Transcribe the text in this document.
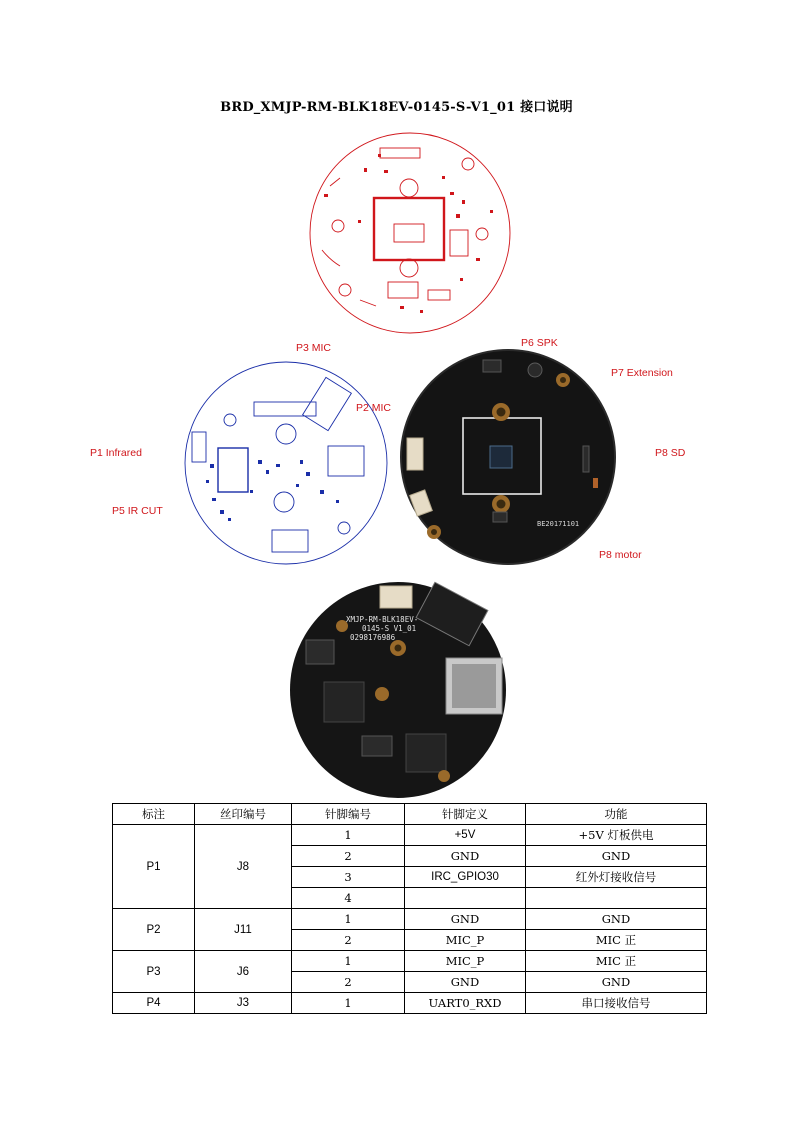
BRD_XMJP-RM-BLK18EV-0145-S-V1_01 接口说明
BE20171101
XMJP-RM-BLK18EV-
0145-S V1_01
0298176986
P3 MIC	P6 SPK
P7 Extension
P2 MIC
P1 Infrared	P8 SD
P5 IR CUT
P8 motor
标注	丝印编号	针脚编号	针脚定义	功能
P1	J8	1	+5V	+5V 灯板供电
		2	GND	GND
		3	IRC_GPIO30	红外灯接收信号
		4		
P2	J11	1	GND	GND
		2	MIC_P	MIC 正
P3	J6	1	MIC_P	MIC 正
		2	GND	GND
P4	J3	1	UART0_RXD	串口接收信号
